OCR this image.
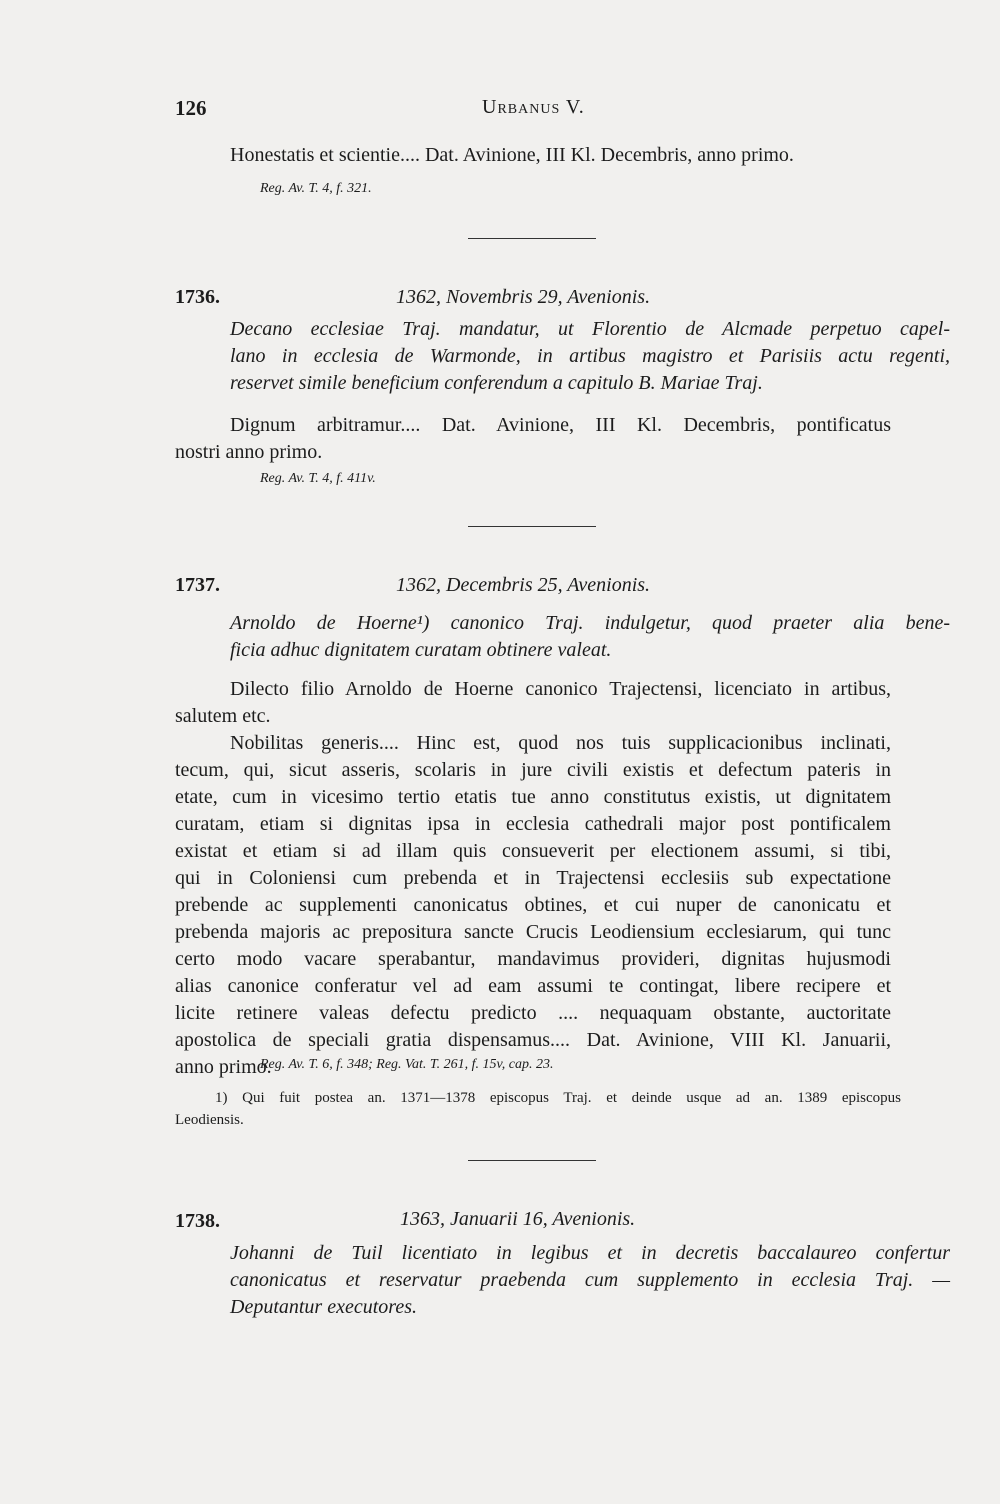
126	Urbanus V.
Honestatis et scientie.... Dat. Avinione, III Kl. Decembris, anno primo.
Reg. Av. T. 4, f. 321.
1736.	1362, Novembris 29, Avenionis.
Decano ecclesiae Traj. mandatur, ut Florentio de Alcmade perpetuo capel-
lano in ecclesia de Warmonde, in artibus magistro et Parisiis actu regenti,
reservet simile beneficium conferendum a capitulo B. Mariae Traj.
Dignum arbitramur.... Dat. Avinione, III Kl. Decembris, pontificatus
nostri anno primo.
Reg. Av. T. 4, f. 411v.
1737.	1362, Decembris 25, Avenionis.
Arnoldo de Hoerne¹) canonico Traj. indulgetur, quod praeter alia bene-
ficia adhuc dignitatem curatam obtinere valeat.
Dilecto filio Arnoldo de Hoerne canonico Trajectensi, licenciato in artibus,
salutem etc.
Nobilitas generis.... Hinc est, quod nos tuis supplicacionibus inclinati,
tecum, qui, sicut asseris, scolaris in jure civili existis et defectum pateris in
etate, cum in vicesimo tertio etatis tue anno constitutus existis, ut dignitatem
curatam, etiam si dignitas ipsa in ecclesia cathedrali major post pontificalem
existat et etiam si ad illam quis consueverit per electionem assumi, si tibi,
qui in Coloniensi cum prebenda et in Trajectensi ecclesiis sub expectatione
prebende ac supplementi canonicatus obtines, et cui nuper de canonicatu et
prebenda majoris ac prepositura sancte Crucis Leodiensium ecclesiarum, qui tunc
certo modo vacare sperabantur, mandavimus provideri, dignitas hujusmodi
alias canonice conferatur vel ad eam assumi te contingat, libere recipere et
licite retinere valeas defectu predicto .... nequaquam obstante, auctoritate
apostolica de speciali gratia dispensamus.... Dat. Avinione, VIII Kl. Januarii,
anno primo.
Reg. Av. T. 6, f. 348; Reg. Vat. T. 261, f. 15v, cap. 23.
1) Qui fuit postea an. 1371—1378 episcopus Traj. et deinde usque ad an. 1389 episcopus
Leodiensis.
1738.	1363, Januarii 16, Avenionis.
Johanni de Tuil licentiato in legibus et in decretis baccalaureo confertur
canonicatus et reservatur praebenda cum supplemento in ecclesia Traj. —
Deputantur executores.
